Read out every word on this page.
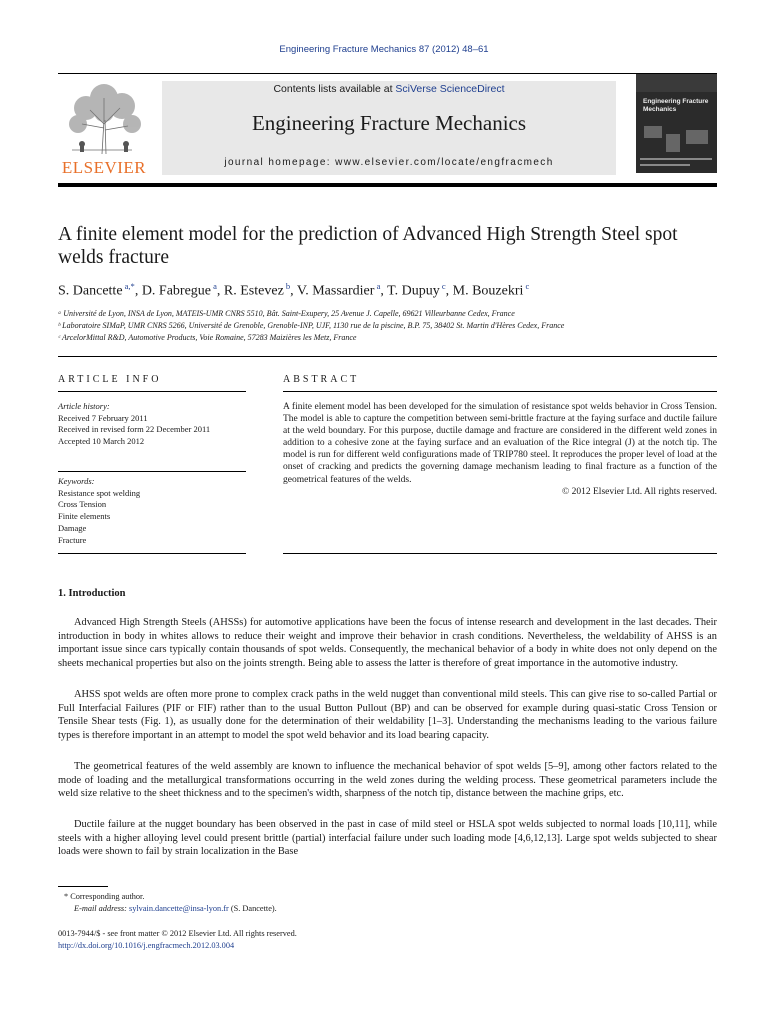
Engineering Fracture Mechanics 87 (2012) 48–61
ELSEVIER
Contents lists available at SciVerse ScienceDirect
Engineering Fracture Mechanics
journal homepage: www.elsevier.com/locate/engfracmech
Engineering Fracture Mechanics
A finite element model for the prediction of Advanced High Strength Steel spot welds fracture
S. Dancette $^{a,*}$, D. Fabregue $^a$, R. Estevez $^b$, V. Massardier $^a$, T. Dupuy $^c$, M. Bouzekri $^c$
ᵃ Université de Lyon, INSA de Lyon, MATEIS-UMR CNRS 5510, Bât. Saint-Exupery, 25 Avenue J. Capelle, 69621 Villeurbanne Cedex, France
ᵇ Laboratoire SIMaP, UMR CNRS 5266, Université de Grenoble, Grenoble-INP, UJF, 1130 rue de la piscine, B.P. 75, 38402 St. Martin d'Hères Cedex, France
ᶜ ArcelorMittal R&D, Automotive Products, Voie Romaine, 57283 Maizières les Metz, France
ARTICLE INFO
Article history:
Received 7 February 2011
Received in revised form 22 December 2011
Accepted 10 March 2012
Keywords:
Resistance spot welding
Cross Tension
Finite elements
Damage
Fracture
ABSTRACT
A finite element model has been developed for the simulation of resistance spot welds behavior in Cross Tension. The model is able to capture the competition between semi-brittle fracture at the faying surface and ductile failure at the weld boundary. For this purpose, ductile damage and fracture are considered in the different weld zones in addition to a cohesive zone at the faying surface and an evaluation of the Rice integral (J) at the notch tip. The model is run for different weld configurations made of TRIP780 steel. It reproduces the proper level of load at the onset of cracking and predicts the governing damage mechanism leading to final fracture as a function of the geometrical features of the welds.
© 2012 Elsevier Ltd. All rights reserved.
1. Introduction
Advanced High Strength Steels (AHSSs) for automotive applications have been the focus of intense research and development in the last decades. Their introduction in body in whites allows to reduce their weight and improve their behavior in crash conditions. Nevertheless, the weldability of AHSS is an important issue since cars typically contain thousands of spot welds. Consequently, the mechanical behavior of a body in white does not only depend on the sheets mechanical properties but also on the joints strength. Being able to assess the latter is therefore of great importance in the automotive industry.
AHSS spot welds are often more prone to complex crack paths in the weld nugget than conventional mild steels. This can give rise to so-called Partial or Full Interfacial Failures (PIF or FIF) rather than to the usual Button Pullout (BP) and can be observed for example during quasi-static Cross Tension or Tensile Shear tests (Fig. 1), as usually done for the determination of their weldability [1–3]. Understanding the mechanisms leading to the various failure types is therefore important in an attempt to model the spot weld behavior and its load bearing capacity.
The geometrical features of the weld assembly are known to influence the mechanical behavior of spot welds [5–9], among other factors related to the mode of loading and the metallurgical transformations occurring in the weld zones during the welding process. These geometrical parameters include the weld size relative to the sheet thickness and to the specimen's width, sharpness of the notch tip, distance between the machine grips, etc.
Ductile failure at the nugget boundary has been observed in the past in case of mild steel or HSLA spot welds subjected to normal loads [10,11], while steels with a higher alloying level could present brittle (partial) interfacial failure under such loading mode [4,6,12,13]. Large spot welds subjected to shear loads were shown to fail by strain localization in the Base
* Corresponding author.
E-mail address: sylvain.dancette@insa-lyon.fr (S. Dancette).
0013-7944/$ - see front matter © 2012 Elsevier Ltd. All rights reserved.
http://dx.doi.org/10.1016/j.engfracmech.2012.03.004
